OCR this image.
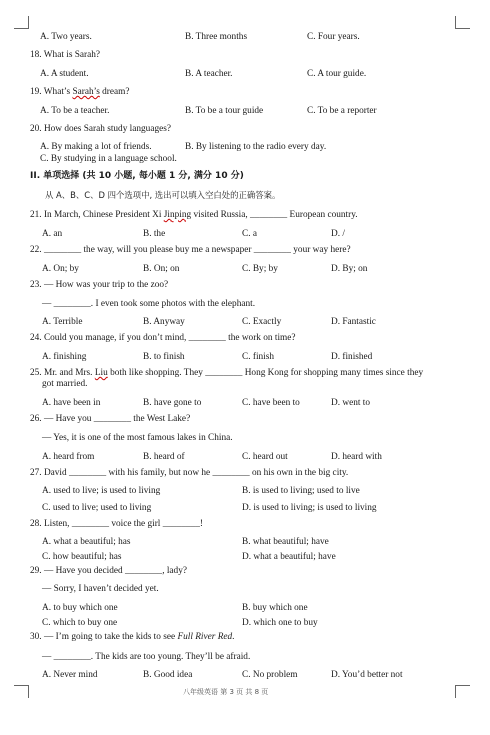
A. Two years.	B. Three months	C. Four years.
18. What is Sarah?
A. A student.	B. A teacher.	C. A tour guide.
19. What’s Sarah’s dream?
A. To be a teacher.	B. To be a tour guide	C. To be a reporter
20. How does Sarah study languages?
A. By making a lot of friends.	B. By listening to the radio every day.
C. By studying in a language school.
II. 单项选择 (共 10 小题, 每小题 1 分, 满分 10 分)
从 A、B、C、D 四个选项中, 选出可以填入空白处的正确答案。
21. In March, Chinese President Xi Jinping visited Russia, ________ European country.
A. an	B. the	C. a	D. /
22. ________ the way, will you please buy me a newspaper ________ your way here?
A. On; by	B. On; on	C. By; by	D. By; on
23. — How was your trip to the zoo?
— ________. I even took some photos with the elephant.
A. Terrible	B. Anyway	C. Exactly	D. Fantastic
24. Could you manage, if you don’t mind, ________ the work on time?
A. finishing	B. to finish	C. finish	D. finished
25. Mr. and Mrs. Liu both like shopping. They ________ Hong Kong for shopping many times since they
got married.
A. have been in	B. have gone to	C. have been to	D. went to
26. — Have you ________ the West Lake?
— Yes, it is one of the most famous lakes in China.
A. heard from	B. heard of	C. heard out	D. heard with
27. David ________ with his family, but now he ________ on his own in the big city.
A. used to live; is used to living	B. is used to living; used to live
C. used to live; used to living	D. is used to living; is used to living
28. Listen, ________ voice the girl ________!
A. what a beautiful; has	B. what beautiful; have
C. how beautiful; has	D. what a beautiful; have
29. — Have you decided ________, lady?
— Sorry, I haven’t decided yet.
A. to buy which one	B. buy which one
C. which to buy one	D. which one to buy
30. — I’m going to take the kids to see Full River Red.
— ________. The kids are too young. They’ll be afraid.
A. Never mind	B. Good idea	C. No problem	D. You’d better not
八年级英语 第 3 页 共 8 页
